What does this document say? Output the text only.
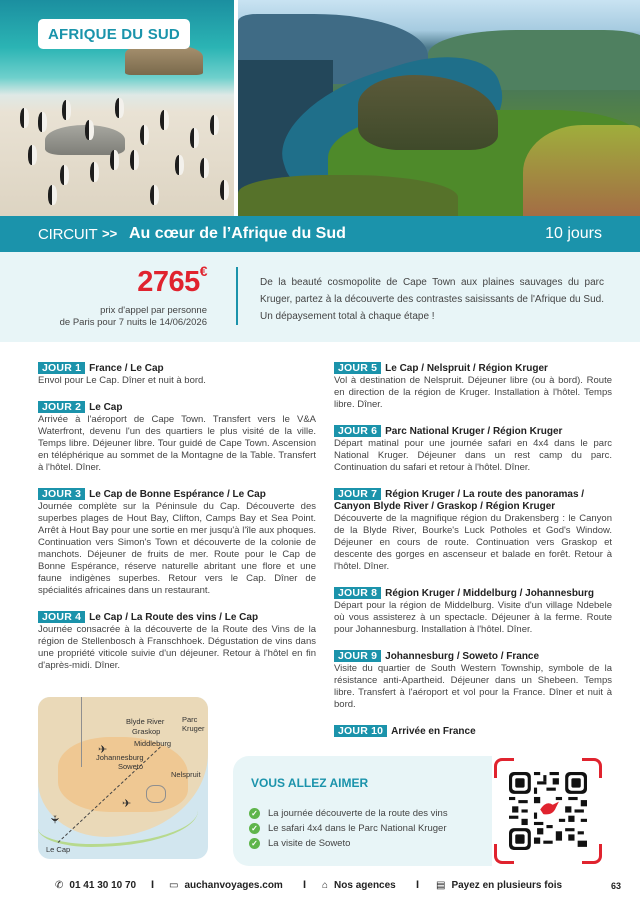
AFRIQUE DU SUD
CIRCUIT >> Au cœur de l’Afrique du Sud	10 jours
2765€
prix d'appel par personne
de Paris pour 7 nuits le 14/06/2026
De la beauté cosmopolite de Cape Town aux plaines sauvages du parc Kruger, partez à la découverte des contrastes saisissants de l'Afrique du Sud. Un dépaysement total à chaque étape !
JOUR 1 France / Le Cap
Envol pour Le Cap. Dîner et nuit à bord.
JOUR 2 Le Cap
Arrivée à l'aéroport de Cape Town. Transfert vers le V&A Waterfront, devenu l'un des quartiers le plus visité de la ville. Temps libre. Déjeuner libre. Tour guidé de Cape Town. Ascension en téléphérique au sommet de la Montagne de la Table. Transfert à l'hôtel. Dîner.
JOUR 3 Le Cap de Bonne Espérance / Le Cap
Journée complète sur la Péninsule du Cap. Découverte des superbes plages de Hout Bay, Clifton, Camps Bay et Sea Point. Arrêt à Hout Bay pour une sortie en mer jusqu'à l'île aux phoques. Continuation vers Simon's Town et découverte de la colonie de manchots. Déjeuner de fruits de mer. Route pour le Cap de Bonne Espérance, réserve naturelle abritant une flore et une faune indigènes superbes. Retour vers le Cap. Dîner de spécialités africaines dans un restaurant.
JOUR 4 Le Cap / La Route des vins / Le Cap
Journée consacrée à la découverte de la Route des Vins de la région de Stellenbosch à Franschhoek. Dégustation de vins dans une propriété viticole suivie d'un déjeuner. Retour à l'hôtel en fin d'après-midi. Dîner.
JOUR 5 Le Cap / Nelspruit / Région Kruger
Vol à destination de Nelspruit. Déjeuner libre (ou à bord). Route en direction de la région de Kruger. Installation à l'hôtel. Temps libre. Dîner.
JOUR 6 Parc National Kruger / Région Kruger
Départ matinal pour une journée safari en 4x4 dans le parc National Kruger. Déjeuner dans un rest camp du parc. Continuation du safari et retour à l'hôtel. Dîner.
JOUR 7 Région Kruger / La route des panoramas / Canyon Blyde River / Graskop / Région Kruger
Découverte de la magnifique région du Drakensberg : le Canyon de la Blyde River, Bourke's Luck Potholes et God's Window. Déjeuner en cours de route. Continuation vers Graskop et descente des gorges en ascenseur et balade en forêt. Retour à l'hôtel. Dîner.
JOUR 8 Région Kruger / Middelburg / Johannesburg
Départ pour la région de Middelburg. Visite d'un village Ndebele où vous assisterez à un spectacle. Déjeuner à la ferme. Route pour Johannesburg. Installation à l'hôtel. Dîner.
JOUR 9 Johannesburg / Soweto / France
Visite du quartier de South Western Township, symbole de la résistance anti-Apartheid. Déjeuner dans un Shebeen. Temps libre. Transfert à l'aéroport et vol pour la France. Dîner et nuit à bord.
JOUR 10 Arrivée en France
Blyde River
Graskop
Parc Kruger
Middleburg
Johannesburg
Soweto
Nelspruit
Le Cap
✈
✈
✈
VOUS ALLEZ AIMER
✓ La journée découverte de la route des vins
✓ Le safari 4x4 dans le Parc National Kruger
✓ La visite de Soweto
✆ 01 41 30 10 70 I ▭ auchanvoyages.com I ⌂ Nos agences I ▤ Payez en plusieurs fois	63
